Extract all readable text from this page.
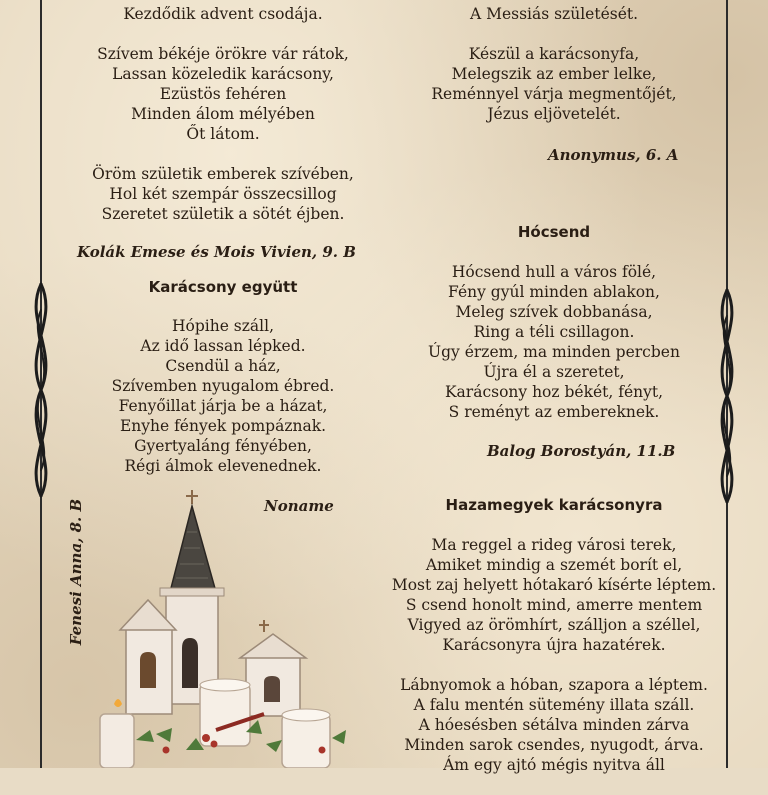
Kezdődik advent csodája.

Szívem békéje örökre vár rátok,

Lassan közeledik karácsony,

Ezüstös fehéren

Minden álom mélyében

Őt látom.

Öröm születik emberek szívében,

Hol két szempár összecsillog

Szeretet születik a sötét éjben.

Kolák Emese és Mois Vivien, 9. B
Karácsony együtt

Hópihe száll,

Az idő lassan lépked.

Csendül a ház,

Szívemben nyugalom ébred.

Fenyőillat járja be a házat,

Enyhe fények pompáznak.

Gyertyaláng fényében,

Régi álmok elevenednek.

Noname
Fenesi Anna, 8. B

A Messiás születését.

Készül a karácsonyfa,

Melegszik az ember lelke,

Reménnyel várja megmentőjét,

Jézus eljövetelét.

Anonymus, 6. A
Hócsend

Hócsend hull a város fölé,

Fény gyúl minden ablakon,

Meleg szívek dobbanása,

Ring a téli csillagon.

Úgy érzem, ma minden percben

Újra él a szeretet,

Karácsony hoz békét, fényt,

S reményt az embereknek.

Balog Borostyán, 11.B
Hazamegyek karácsonyra

Ma reggel a rideg városi terek,

Amiket mindig a szemét borít el,

Most zaj helyett hótakaró kísérte léptem.

S csend honolt mind, amerre mentem

Vigyed az örömhírt, szálljon a széllel,

Karácsonyra újra hazatérek.

Lábnyomok a hóban, szapora a léptem.

A falu mentén sütemény illata száll.

A hóesésben sétálva minden zárva

Minden sarok csendes, nyugodt, árva.

Ám egy ajtó mégis nyitva áll
